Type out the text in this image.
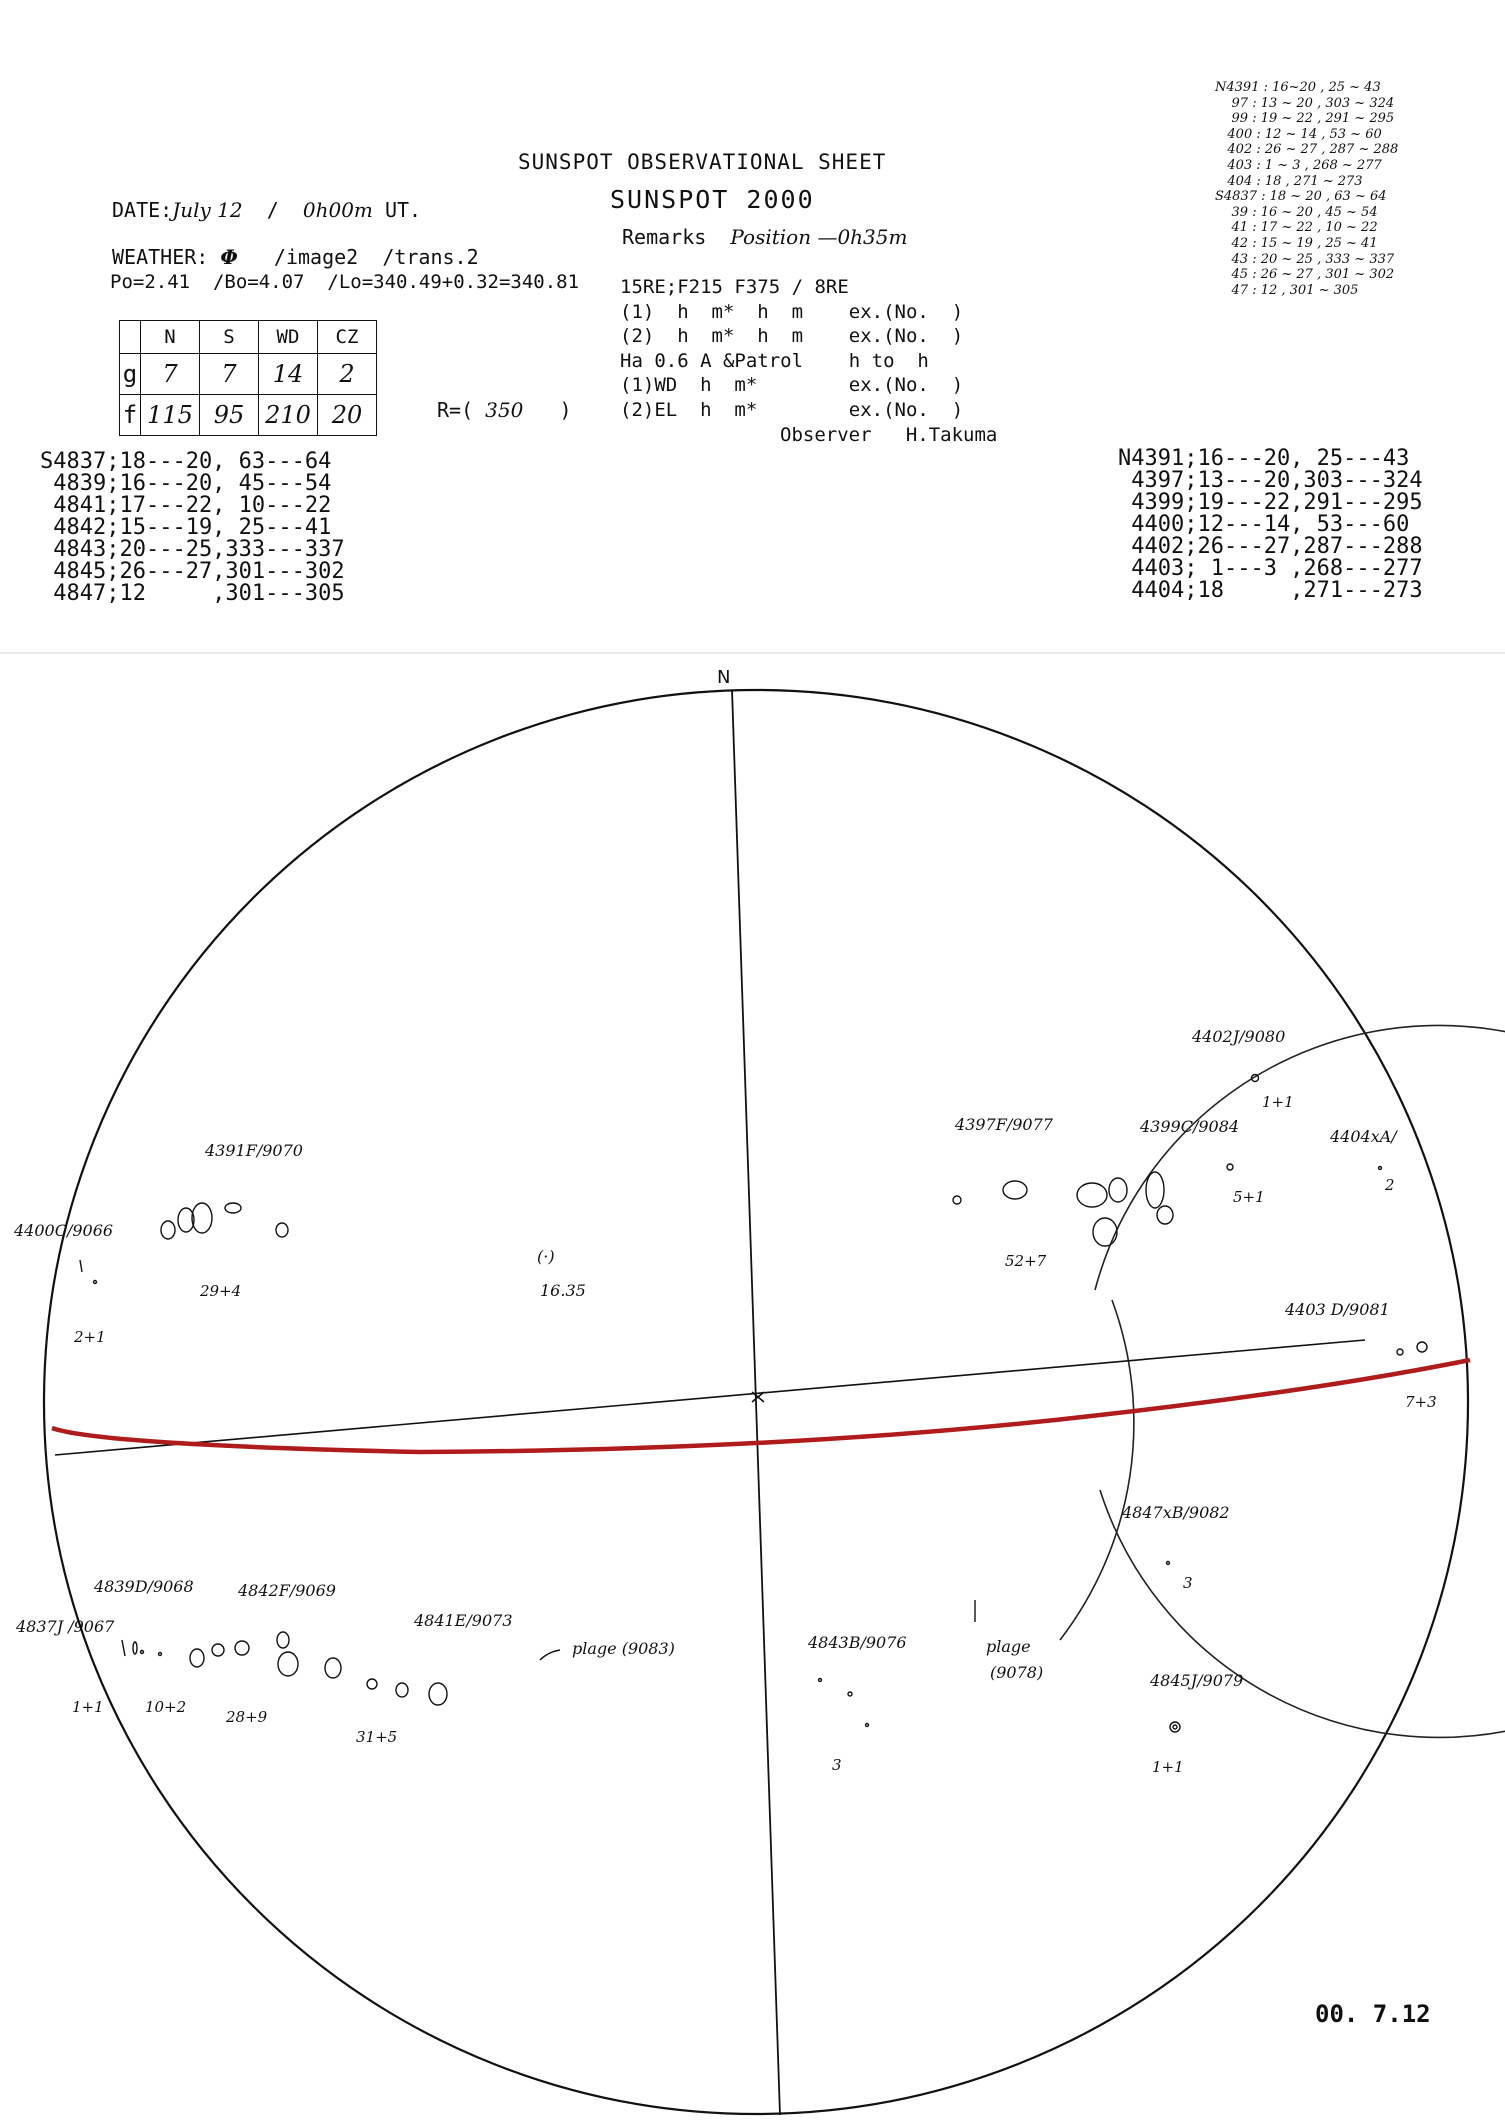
SUNSPOT OBSERVATIONAL SHEET
SUNSPOT 2000
DATE:July 12 / 0h00m UT.
WEATHER: Φ /image2 /trans.2
Po=2.41 /Bo=4.07 /Lo=340.49+0.32=340.81
Remarks Position —0h35m
15RE;F215 F375 / 8RE
(1)  h  m*  h  m    ex.(No.  )
(2)  h  m*  h  m    ex.(No.  )
Ha 0.6 A &Patrol    h to  h
(1)WD  h  m*        ex.(No.  )
(2)EL  h  m*        ex.(No.  )
Observer H.Takuma
	N	S	WD	CZ
g	7	7	14	2
f	115	95	210	20	R=( 350 )
S4837;18---20, 63---64
4839;16---20, 45---54
4841;17---22, 10---22
4842;15---19, 25---41
4843;20---25,333---337
4845;26---27,301---302
4847;12     ,301---305
N4391;16---20, 25---43
4397;13---20,303---324
4399;19---22,291---295
4400;12---14, 53---60
4402;26---27,287---288
4403; 1---3 ,268---277
4404;18     ,271---273
N4391 : 16~20 , 25 ~ 43
97 : 13 ~ 20 , 303 ~ 324
99 : 19 ~ 22 , 291 ~ 295
400 : 12 ~ 14 , 53 ~ 60
402 : 26 ~ 27 , 287 ~ 288
403 : 1 ~ 3 , 268 ~ 277
404 : 18 , 271 ~ 273
S4837 : 18 ~ 20 , 63 ~ 64
39 : 16 ~ 20 , 45 ~ 54
41 : 17 ~ 22 , 10 ~ 22
42 : 15 ~ 19 , 25 ~ 41
43 : 20 ~ 25 , 333 ~ 337
45 : 26 ~ 27 , 301 ~ 302
47 : 12 , 301 ~ 305
N
(·)
16.35
4391F/9070
29+4
4400C/9066
2+1
4397F/9077
52+7
4399C/9084
5+1
4402J/9080
1+1
4404xA/
2
4403 D/9081
7+3
4847xB/9082
3
4845J/9079
1+1
4843B/9076
3
4841E/9073
31+5
4842F/9069
28+9
4839D/9068
10+2
4837J /9067
1+1
plage (9083)	plage
(9078)
00. 7.12
